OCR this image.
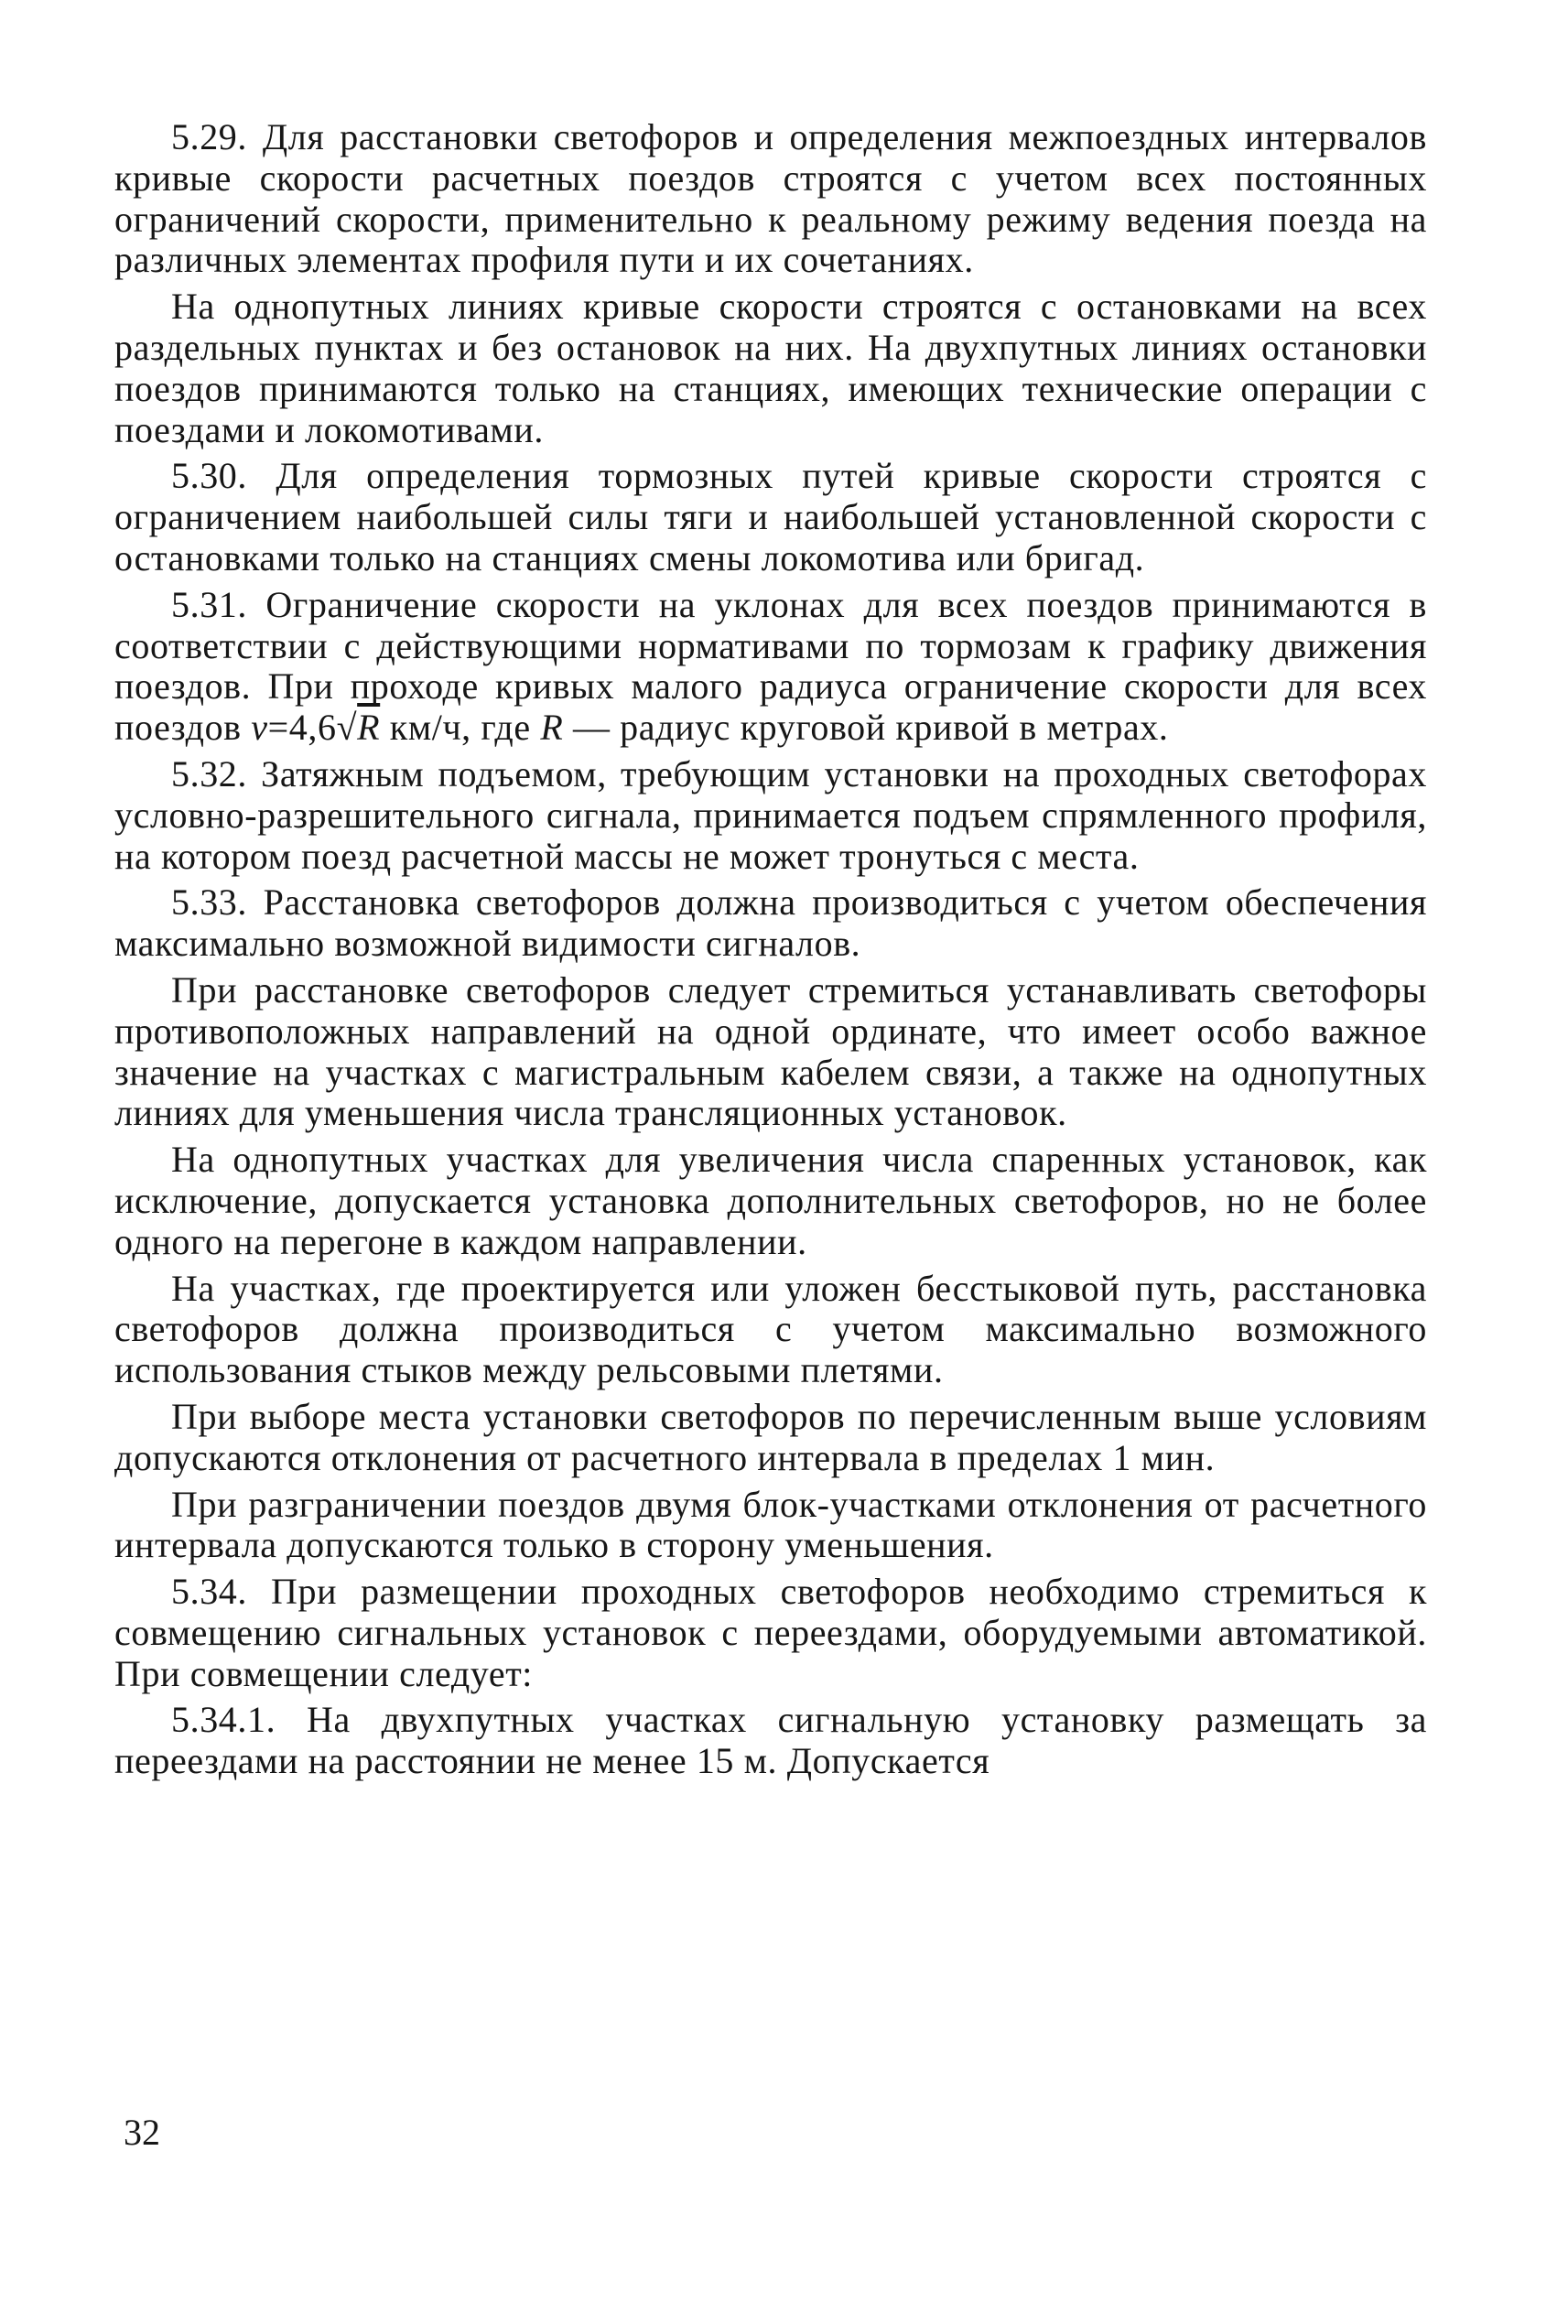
5.29. Для расстановки светофоров и определения межпоездных интервалов кривые скорости расчетных поездов строятся с учетом всех постоянных ограничений скорости, применительно к реальному режиму ведения поезда на различных элементах профиля пути и их сочетаниях.

На однопутных линиях кривые скорости строятся с остановками на всех раздельных пунктах и без остановок на них. На двухпутных линиях остановки поездов принимаются только на станциях, имеющих технические операции с поездами и локомотивами.

5.30. Для определения тормозных путей кривые скорости строятся с ограничением наибольшей силы тяги и наибольшей установленной скорости с остановками только на станциях смены локомотива или бригад.

5.31. Ограничение скорости на уклонах для всех поездов принимаются в соответствии с действующими нормативами по тормозам к графику движения поездов. При проходе кривых малого радиуса ограничение скорости для всех поездов v=4,6√R км/ч, где R — радиус круговой кривой в метрах.

5.32. Затяжным подъемом, требующим установки на проходных светофорах условно-разрешительного сигнала, принимается подъем спрямленного профиля, на котором поезд расчетной массы не может тронуться с места.

5.33. Расстановка светофоров должна производиться с учетом обеспечения максимально возможной видимости сигналов.

При расстановке светофоров следует стремиться устанавливать светофоры противоположных направлений на одной ординате, что имеет особо важное значение на участках с магистральным кабелем связи, а также на однопутных линиях для уменьшения числа трансляционных установок.

На однопутных участках для увеличения числа спаренных установок, как исключение, допускается установка дополнительных светофоров, но не более одного на перегоне в каждом направлении.

На участках, где проектируется или уложен бесстыковой путь, расстановка светофоров должна производиться с учетом максимально возможного использования стыков между рельсовыми плетями.

При выборе места установки светофоров по перечисленным выше условиям допускаются отклонения от расчетного интервала в пределах 1 мин.

При разграничении поездов двумя блок-участками отклонения от расчетного интервала допускаются только в сторону уменьшения.

5.34. При размещении проходных светофоров необходимо стремиться к совмещению сигнальных установок с переездами, оборудуемыми автоматикой. При совмещении следует:

5.34.1. На двухпутных участках сигнальную установку размещать за переездами на расстоянии не менее 15 м. Допускается

32
